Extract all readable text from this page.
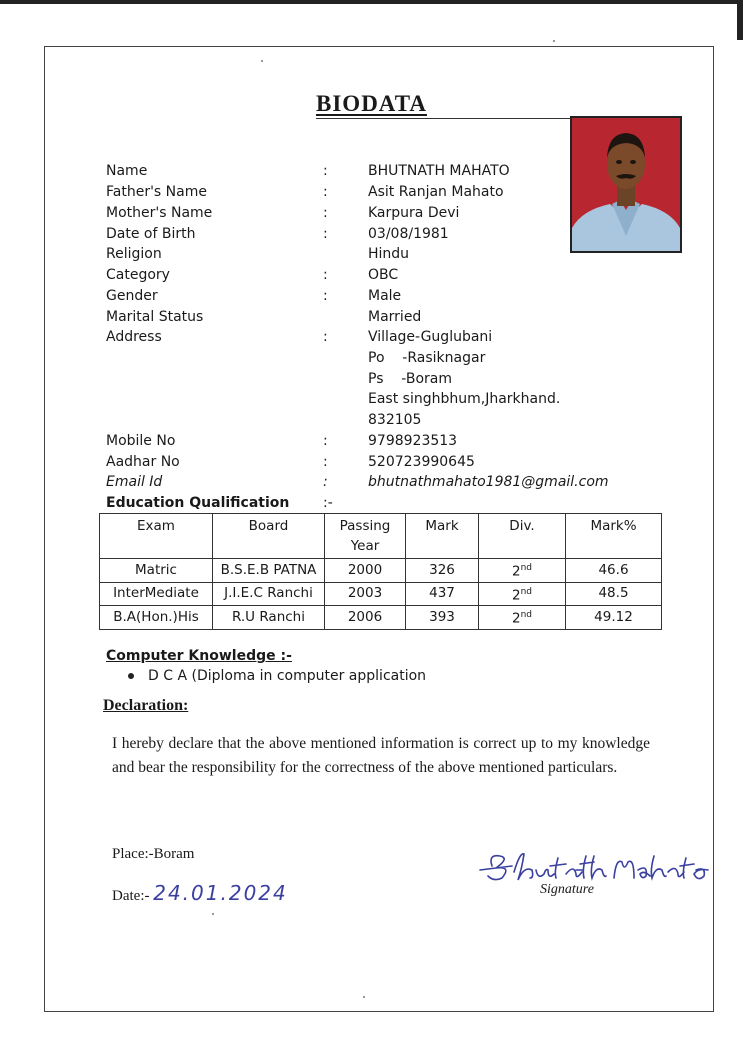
BIODATA
Name	:	BHUTNATH MAHATO
Father's Name	:	Asit Ranjan Mahato
Mother's Name	:	Karpura Devi
Date of Birth	:	03/08/1981
Religion	Hindu
Category	:	OBC
Gender	:	Male
Marital Status	Married
Address	:	Village-Guglubani
Po    -Rasiknagar
Ps    -Boram
East singhbhum,Jharkhand.
832105
Mobile No	:	9798923513
Aadhar No	:	520723990645
Email Id	:	bhutnathmahato1981@gmail.com
Education Qualification :-
Exam	Board	Passing Year	Mark	Div.	Mark%
Matric	B.S.E.B PATNA	2000	326	2nd	46.6
InterMediate	J.I.E.C Ranchi	2003	437	2nd	48.5
B.A(Hon.)His	R.U Ranchi	2006	393	2nd	49.12
Computer Knowledge :-
D C A (Diploma in computer application
Declaration:
I hereby declare that the above mentioned information is correct up to my knowledge and bear the responsibility for the correctness of the above mentioned particulars.
Place:-Boram
Date:- 24.01.2024	Signature
